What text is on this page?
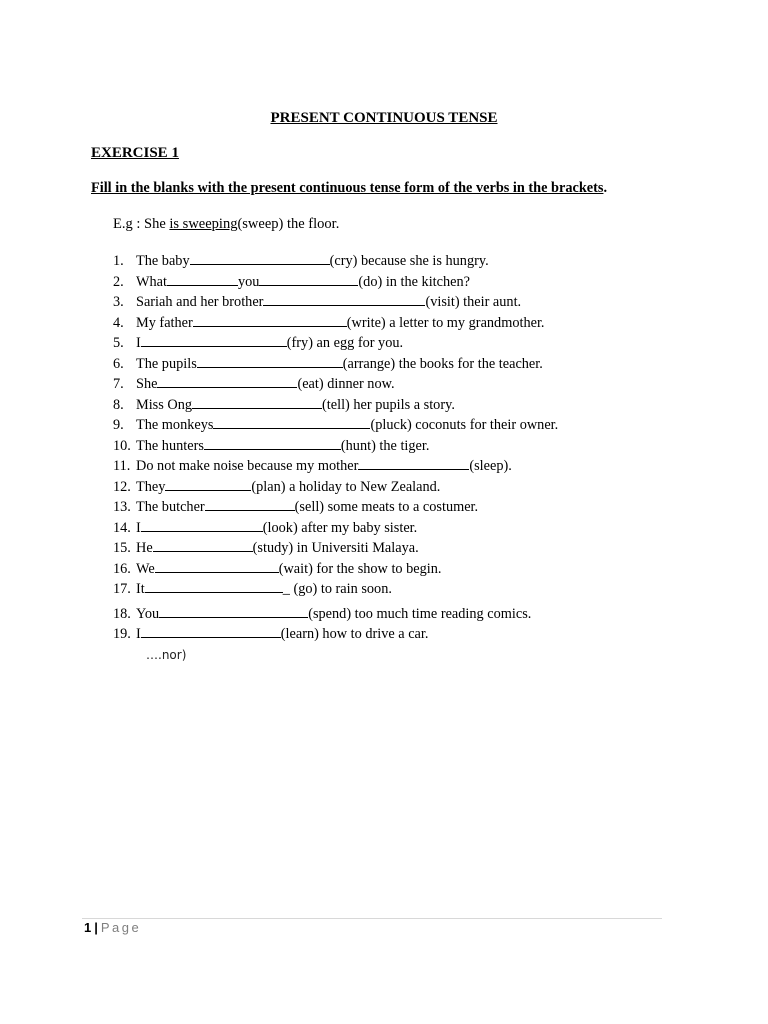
PRESENT CONTINUOUS TENSE
EXERCISE 1
Fill in the blanks with the present continuous tense form of the verbs in the brackets.
E.g : She is sweeping(sweep) the floor.
1. The baby	(cry) because she is hungry.
2. What	you	(do) in the kitchen?
3. Sariah and her brother	(visit) their aunt.
4. My father	(write) a letter to my grandmother.
5. I	(fry) an egg for you.
6. The pupils	(arrange) the books for the teacher.
7. She	(eat) dinner now.
8. Miss Ong	(tell) her pupils a story.
9. The monkeys	(pluck) coconuts for their owner.
10. The hunters	(hunt) the tiger.
11. Do not make noise because my mother	(sleep).
12. They	(plan) a holiday to New Zealand.
13. The butcher	(sell) some meats to a costumer.
14. I	(look) after my baby sister.
15. He	(study) in Universiti Malaya.
16. We	(wait) for the show to begin.
17. It	_ (go) to rain soon.
18. You	(spend) too much time reading comics.
19. I	(learn) how to drive a car.
….nor)
1 | Page
